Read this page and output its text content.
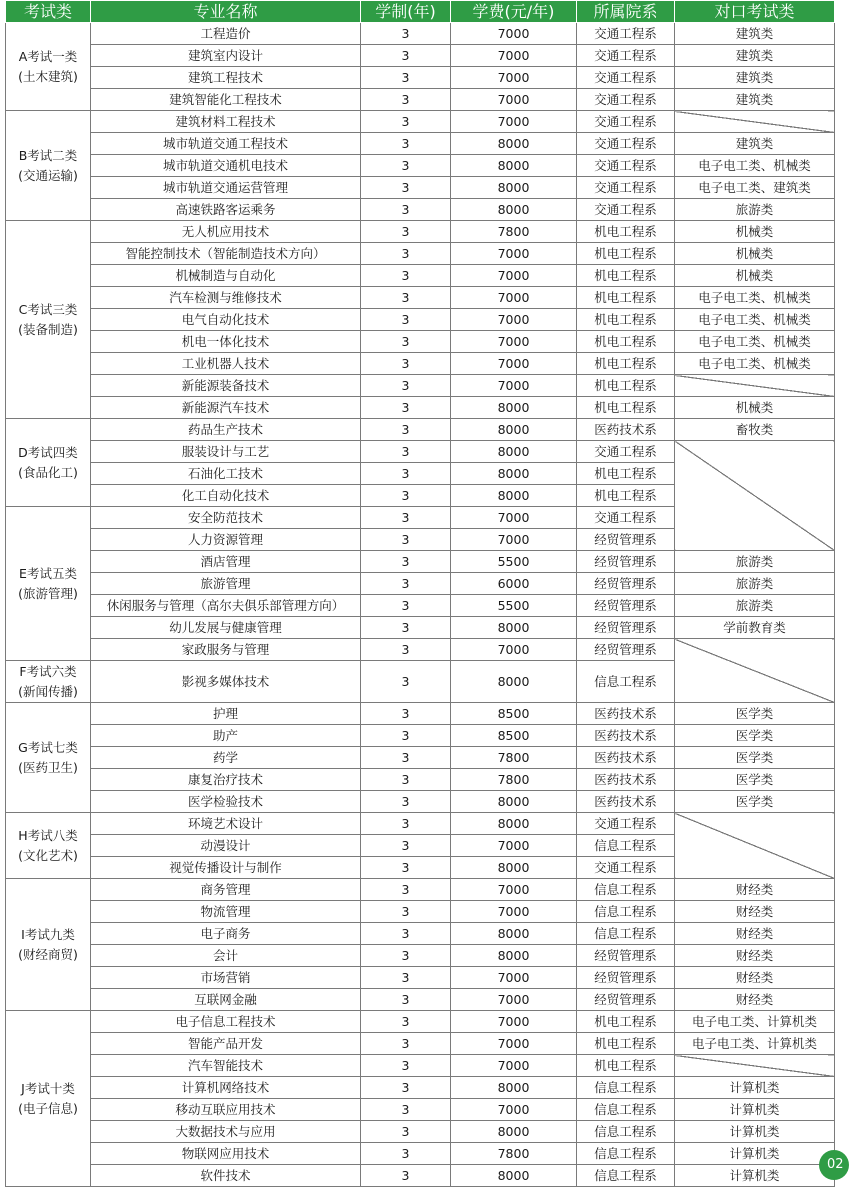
考试类	专业名称	学制(年)	学费(元/年)	所属院系	对口考试类

A考试一类
(土木建筑)	工程造价	3	7000	交通工程系	建筑类
	建筑室内设计	3	7000	交通工程系	建筑类
	建筑工程技术	3	7000	交通工程系	建筑类
	建筑智能化工程技术	3	7000	交通工程系	建筑类

B考试二类
(交通运输)	建筑材料工程技术	3	7000	交通工程系	
	城市轨道交通工程技术	3	8000	交通工程系	建筑类
	城市轨道交通机电技术	3	8000	交通工程系	电子电工类、机械类
	城市轨道交通运营管理	3	8000	交通工程系	电子电工类、建筑类
	高速铁路客运乘务	3	8000	交通工程系	旅游类

C考试三类
(装备制造)	无人机应用技术	3	7800	机电工程系	机械类
	智能控制技术（智能制造技术方向）	3	7000	机电工程系	机械类
	机械制造与自动化	3	7000	机电工程系	机械类
	汽车检测与维修技术	3	7000	机电工程系	电子电工类、机械类
	电气自动化技术	3	7000	机电工程系	电子电工类、机械类
	机电一体化技术	3	7000	机电工程系	电子电工类、机械类
	工业机器人技术	3	7000	机电工程系	电子电工类、机械类
	新能源装备技术	3	7000	机电工程系	
	新能源汽车技术	3	8000	机电工程系	机械类

D考试四类
(食品化工)	药品生产技术	3	8000	医药技术系	畜牧类
	服装设计与工艺	3	8000	交通工程系	
	石油化工技术	3	8000	机电工程系	
	化工自动化技术	3	8000	机电工程系	

E考试五类
(旅游管理)	安全防范技术	3	7000	交通工程系	
	人力资源管理	3	7000	经贸管理系	
	酒店管理	3	5500	经贸管理系	旅游类
	旅游管理	3	6000	经贸管理系	旅游类
	休闲服务与管理（高尔夫俱乐部管理方向）	3	5500	经贸管理系	旅游类
	幼儿发展与健康管理	3	8000	经贸管理系	学前教育类
	家政服务与管理	3	7000	经贸管理系	

F考试六类
(新闻传播)	影视多媒体技术	3	8000	信息工程系	

G考试七类
(医药卫生)	护理	3	8500	医药技术系	医学类
	助产	3	8500	医药技术系	医学类
	药学	3	7800	医药技术系	医学类
	康复治疗技术	3	7800	医药技术系	医学类
	医学检验技术	3	8000	医药技术系	医学类

H考试八类
(文化艺术)	环境艺术设计	3	8000	交通工程系	
	动漫设计	3	7000	信息工程系	
	视觉传播设计与制作	3	8000	交通工程系	

I考试九类
(财经商贸)	商务管理	3	7000	信息工程系	财经类
	物流管理	3	7000	信息工程系	财经类
	电子商务	3	8000	信息工程系	财经类
	会计	3	8000	经贸管理系	财经类
	市场营销	3	7000	经贸管理系	财经类
	互联网金融	3	7000	经贸管理系	财经类

J考试十类
(电子信息)	电子信息工程技术	3	7000	机电工程系	电子电工类、计算机类
	智能产品开发	3	7000	机电工程系	电子电工类、计算机类
	汽车智能技术	3	7000	机电工程系	
	计算机网络技术	3	8000	信息工程系	计算机类
	移动互联应用技术	3	7000	信息工程系	计算机类
	大数据技术与应用	3	8000	信息工程系	计算机类
	物联网应用技术	3	7800	信息工程系	计算机类
	软件技术	3	8000	信息工程系	计算机类
02
